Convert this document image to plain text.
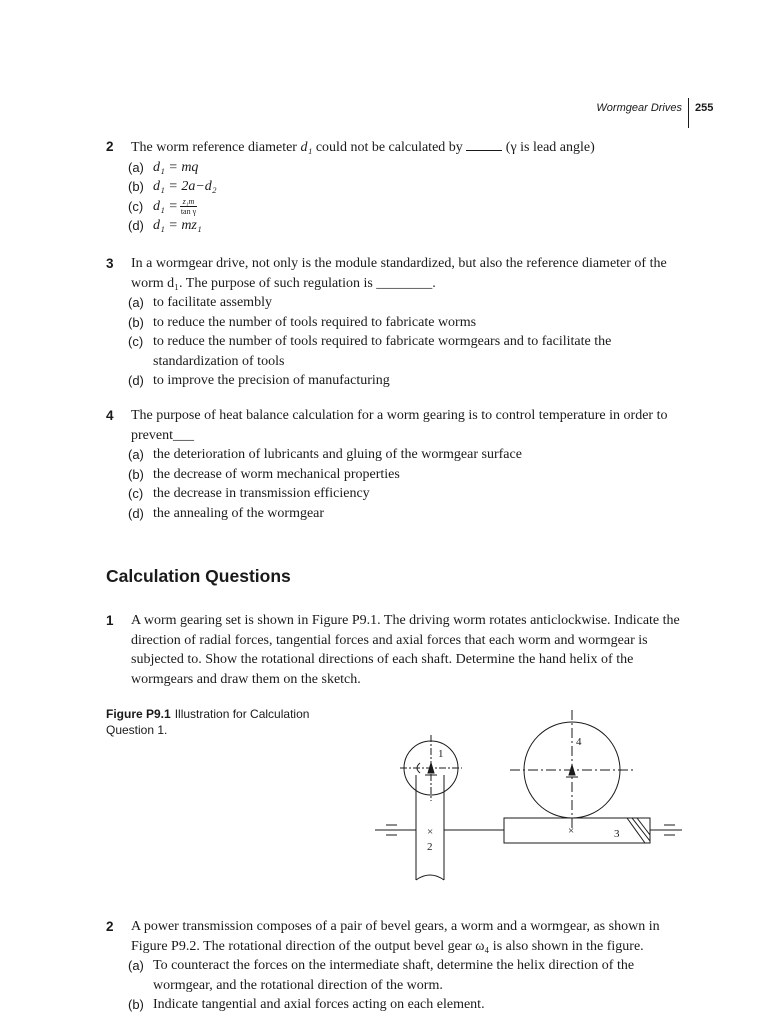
Wormgear Drives 255
2 The worm reference diameter d₁ could not be calculated by	(γ is lead angle)
(a) d₁ = mq
(b) d₁ = 2a−d₂
(c) $d_1 = \frac{\text{z₁m}}{\text{tan γ}}$
(d) d₁ = mz₁
3 In a wormgear drive, not only is the module standardized, but also the reference diameter of the worm d₁. The purpose of such regulation is ________.
(a) to facilitate assembly
(b) to reduce the number of tools required to fabricate worms
(c) to reduce the number of tools required to fabricate wormgears and to facilitate the standardization of tools
(d) to improve the precision of manufacturing
4 The purpose of heat balance calculation for a worm gearing is to control temperature in order to prevent___
(a) the deterioration of lubricants and gluing of the wormgear surface
(b) the decrease of worm mechanical properties
(c) the decrease in transmission efficiency
(d) the annealing of the wormgear
Calculation Questions
1 A worm gearing set is shown in Figure P9.1. The driving worm rotates anticlockwise. Indicate the direction of radial forces, tangential forces and axial forces that each worm and wormgear is subjected to. Show the rotational directions of each shaft. Determine the hand helix of the wormgears and draw them on the sketch.
Figure P9.1 Illustration for Calculation Question 1.
1
2
3
4
×	×
2 A power transmission composes of a pair of bevel gears, a worm and a wormgear, as shown in Figure P9.2. The rotational direction of the output bevel gear ω₄ is also shown in the figure.
(a) To counteract the forces on the intermediate shaft, determine the helix direction of the wormgear, and the rotational direction of the worm.
(b) Indicate tangential and axial forces acting on each element.
